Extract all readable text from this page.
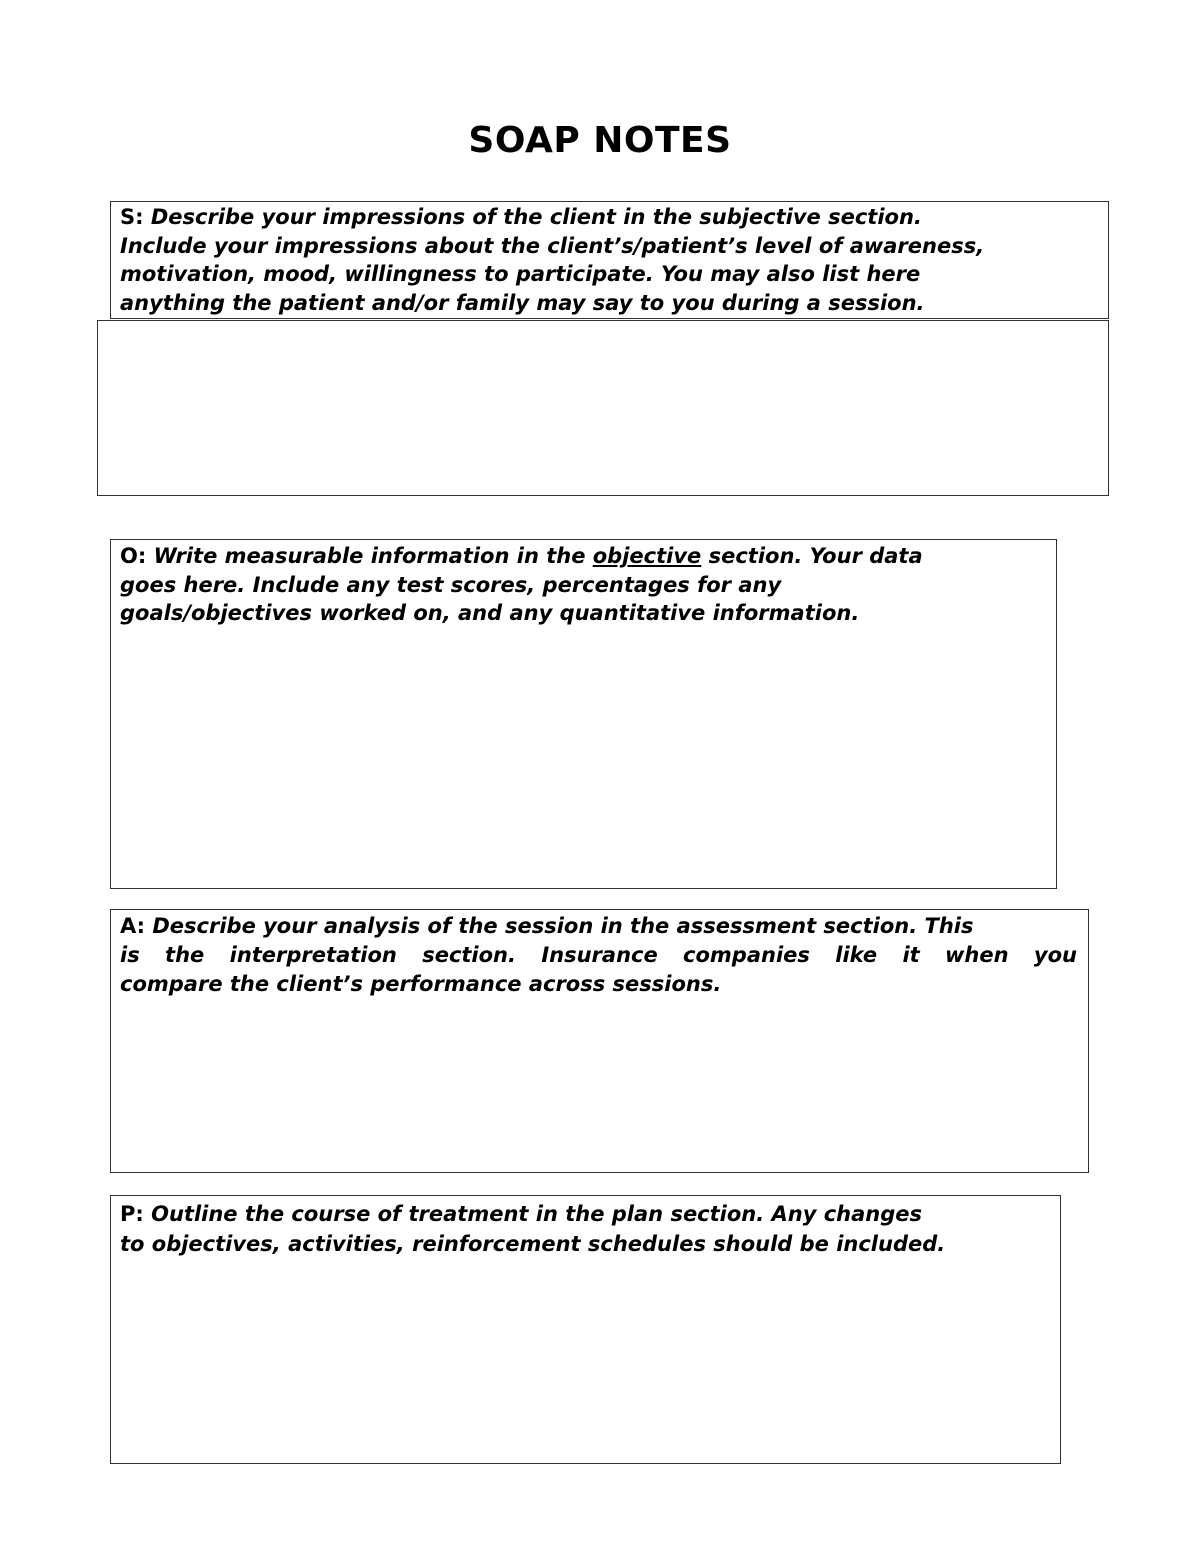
SOAP NOTES
S: Describe your impressions of the client in the subjective section.
Include your impressions about the client’s/patient’s level of awareness,
motivation, mood, willingness to participate. You may also list here
anything the patient and/or family may say to you during a session.
O: Write measurable information in the objective section. Your data
goes here. Include any test scores, percentages for any
goals/objectives worked on, and any quantitative information.
A: Describe your analysis of the session in the assessment section. This
is the interpretation section. Insurance companies like it when you
compare the client’s performance across sessions.
P: Outline the course of treatment in the plan section. Any changes
to objectives, activities, reinforcement schedules should be included.
